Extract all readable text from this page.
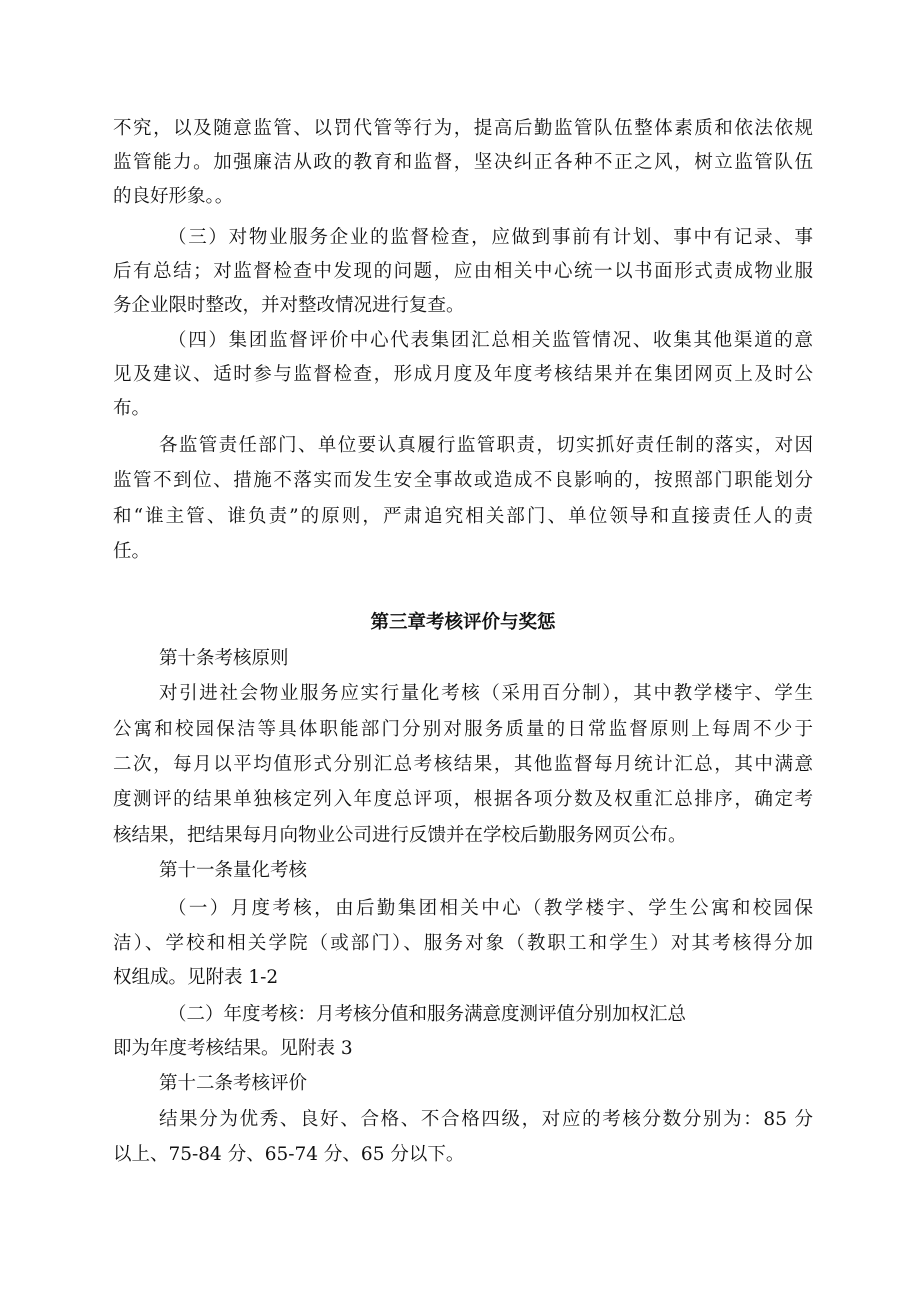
不究，以及随意监管、以罚代管等行为，提高后勤监管队伍整体素质和依法依规
监管能力。加强廉洁从政的教育和监督，坚决纠正各种不正之风，树立监管队伍
的良好形象。。
（三）对物业服务企业的监督检查，应做到事前有计划、事中有记录、事
后有总结；对监督检查中发现的问题，应由相关中心统一以书面形式责成物业服
务企业限时整改，并对整改情况进行复查。
（四）集团监督评价中心代表集团汇总相关监管情况、收集其他渠道的意
见及建议、适时参与监督检查，形成月度及年度考核结果并在集团网页上及时公
布。
各监管责任部门、单位要认真履行监管职责，切实抓好责任制的落实，对因
监管不到位、措施不落实而发生安全事故或造成不良影响的，按照部门职能划分
和“谁主管、谁负责”的原则，严肃追究相关部门、单位领导和直接责任人的责
任。
第三章考核评价与奖惩
第十条考核原则
对引进社会物业服务应实行量化考核（采用百分制），其中教学楼宇、学生
公寓和校园保洁等具体职能部门分别对服务质量的日常监督原则上每周不少于
二次，每月以平均值形式分别汇总考核结果，其他监督每月统计汇总，其中满意
度测评的结果单独核定列入年度总评项，根据各项分数及权重汇总排序，确定考
核结果，把结果每月向物业公司进行反馈并在学校后勤服务网页公布。
第十一条量化考核
（一）月度考核，由后勤集团相关中心（教学楼宇、学生公寓和校园保
洁）、学校和相关学院（或部门）、服务对象（教职工和学生）对其考核得分加
权组成。见附表 1-2
（二）年度考核：月考核分值和服务满意度测评值分别加权汇总
即为年度考核结果。见附表 3
第十二条考核评价
结果分为优秀、良好、合格、不合格四级，对应的考核分数分别为：85 分
以上、75-84 分、65-74 分、65 分以下。
